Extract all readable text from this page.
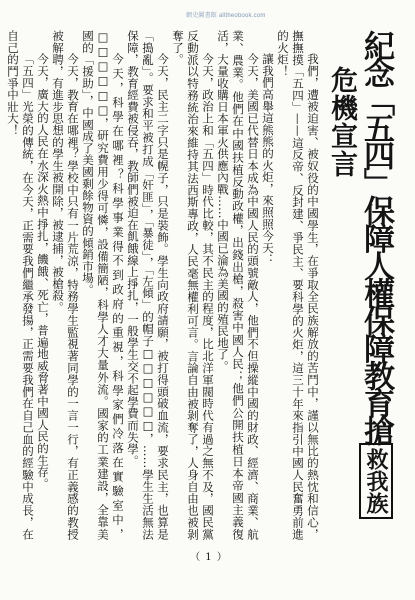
網史圖書館 alltheobook.com
紀念「五四」保障人權保障教育搶救我族
危機宣言

我們，遭被迫害、被奴役的中國學生，在爭取全民族解放的苦鬥中，謹以無比的熱忱和信心，撫撫摸「五四」——這反帝、反封建、爭民主、要科學的火炬，這三十年來指引中國人民奮勇前進的火炬！

讓我們高舉這熊熊的火炬，來照照今天：

今天，美國已代替日本成為中國人民的頭號敵人，他們不但操縱中國的財政、經濟、商業、航業、農業。他們在中國扶植反動政權，出錢出槍，殺害中國人民；他們公開扶植日本帝國主義復活，大量收購日本軍火供應內戰……中國已淪為美國的殖民地了。

今天，政治上和「五四」時代比較，其不民主的程度，比北洋軍閥時代有過之無不及，國民黨反動派以特務統治來維持其法西斯專政，人民毫無權利可言。言論自由被剝奪了，人身自由也被剝奪了。

今天，民主二字只是幌子，只是裝飾。學生向政府請願，被打得頭破血流，要求民主，也算是「搗亂」。要求和平被打成「奸匪」，「暴徒」，「左傾」的帽子□□□□□□，……學生生活無法保障，教育經費被侵吞，教師們被迫在飢餓線上掙扎，一般學生交不起學費而失學。

今天，科學在哪裡？科學事業得不到政府的重視，科學家們冷落在實驗室中，□□□□□□，研究費用少得可憐，設備簡陋，科學人才大量外流。國家的工業建設，全靠美國的「援助」，中國成了美國剩餘物資的傾銷市場。

今天，教育在哪裡？學校中只有一片荒涼，特務學生監視著同學的一言一行，有正義感的教授被解聘，有進步思想的學生被開除，被逮捕，被槍殺。

今天，廣大的人民在水深火熱中掙扎，饑餓、死亡，普遍地威脅著中國人民的生存。

「五四」光榮的傳統，在今天，正需要我們繼承發揚，正需要我們在自己血的經驗中成長，在自己的鬥爭中壯大！

（ 1 ）
